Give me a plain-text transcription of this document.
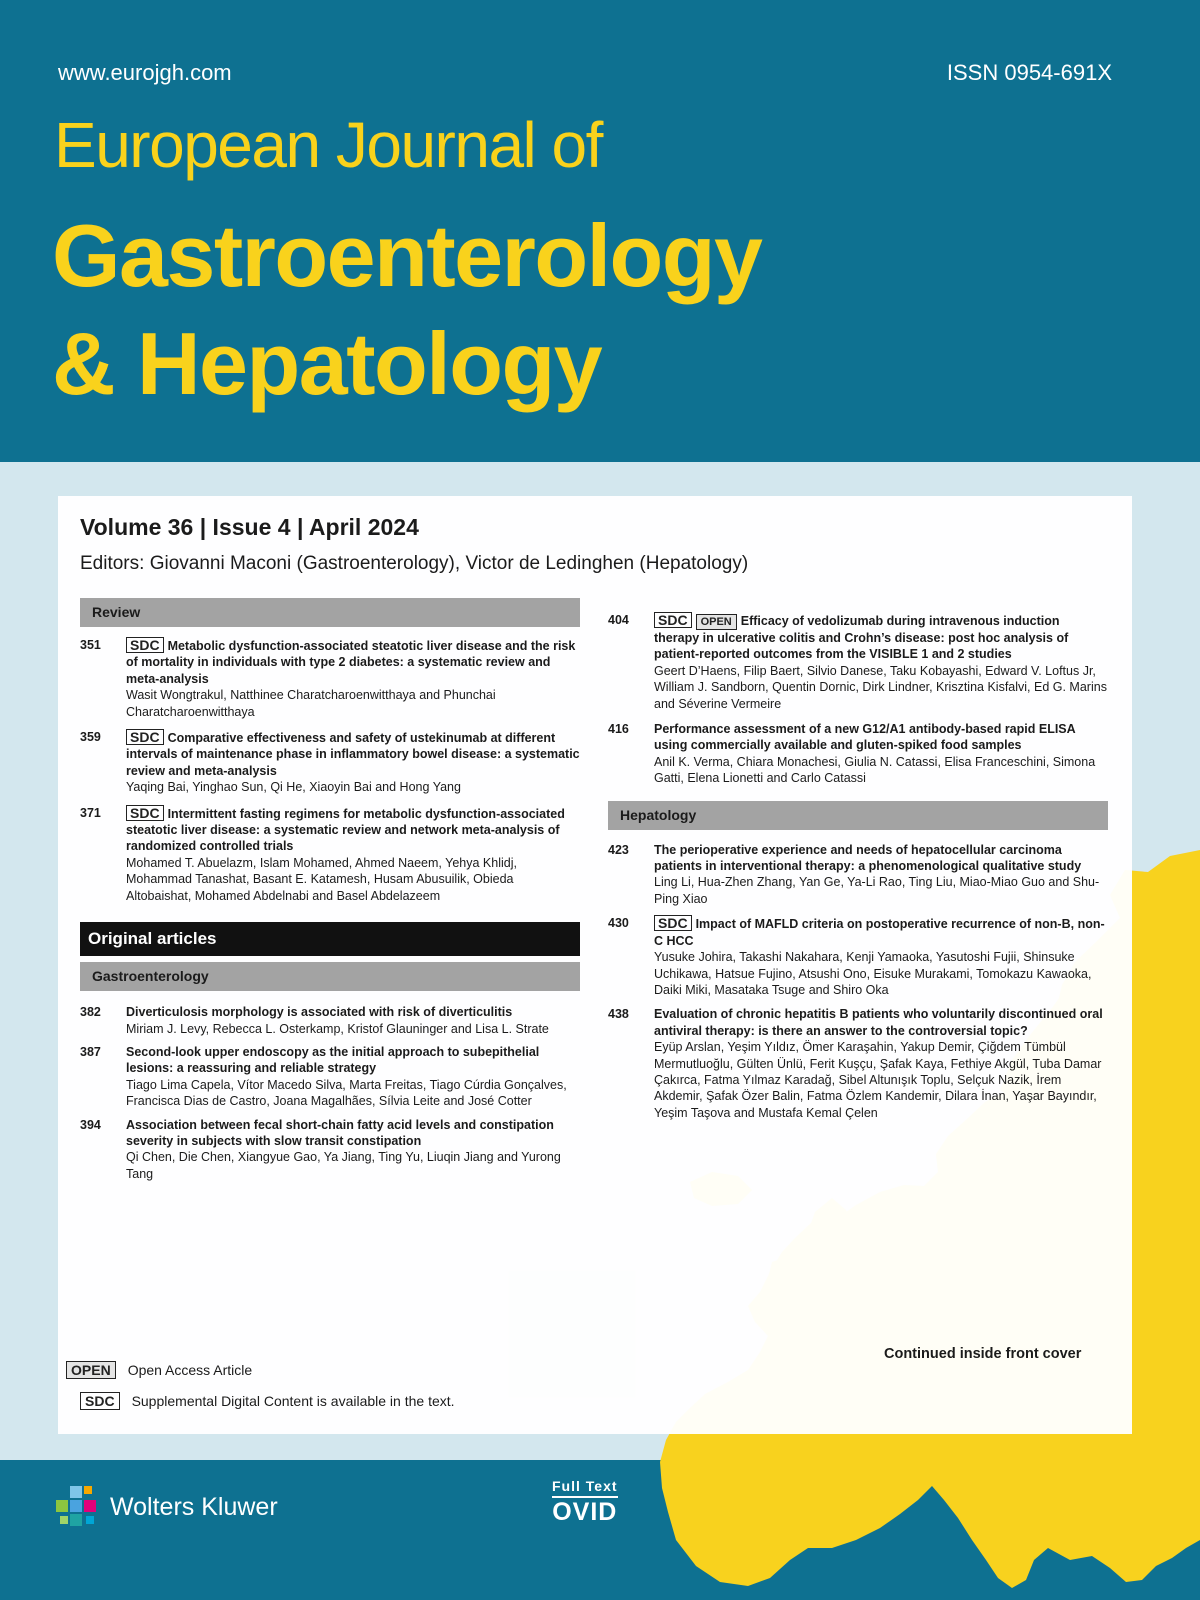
www.eurojgh.com	ISSN 0954-691X
European Journal of
Gastroenterology
& Hepatology
Volume 36 | Issue 4 | April 2024
Editors: Giovanni Maconi (Gastroenterology), Victor de Ledinghen (Hepatology)
Review
351	SDC Metabolic dysfunction-associated steatotic liver disease and the risk of mortality in individuals with type 2 diabetes: a systematic review and meta-analysis
Wasit Wongtrakul, Natthinee Charatcharoenwitthaya and Phunchai Charatcharoenwitthaya
359	SDC Comparative effectiveness and safety of ustekinumab at different intervals of maintenance phase in inflammatory bowel disease: a systematic review and meta-analysis
Yaqing Bai, Yinghao Sun, Qi He, Xiaoyin Bai and Hong Yang
371	SDC Intermittent fasting regimens for metabolic dysfunction-associated steatotic liver disease: a systematic review and network meta-analysis of randomized controlled trials
Mohamed T. Abuelazm, Islam Mohamed, Ahmed Naeem, Yehya Khlidj, Mohammad Tanashat, Basant E. Katamesh, Husam Abusuilik, Obieda Altobaishat, Mohamed Abdelnabi and Basel Abdelazeem
Original articles
Gastroenterology
382	Diverticulosis morphology is associated with risk of diverticulitis
Miriam J. Levy, Rebecca L. Osterkamp, Kristof Glauninger and Lisa L. Strate
387	Second-look upper endoscopy as the initial approach to subepithelial lesions: a reassuring and reliable strategy
Tiago Lima Capela, Vítor Macedo Silva, Marta Freitas, Tiago Cúrdia Gonçalves, Francisca Dias de Castro, Joana Magalhães, Sílvia Leite and José Cotter
394	Association between fecal short-chain fatty acid levels and constipation severity in subjects with slow transit constipation
Qi Chen, Die Chen, Xiangyue Gao, Ya Jiang, Ting Yu, Liuqin Jiang and Yurong Tang
404	SDC OPEN Efficacy of vedolizumab during intravenous induction therapy in ulcerative colitis and Crohn’s disease: post hoc analysis of patient-reported outcomes from the VISIBLE 1 and 2 studies
Geert D’Haens, Filip Baert, Silvio Danese, Taku Kobayashi, Edward V. Loftus Jr, William J. Sandborn, Quentin Dornic, Dirk Lindner, Krisztina Kisfalvi, Ed G. Marins and Séverine Vermeire
416	Performance assessment of a new G12/A1 antibody-based rapid ELISA using commercially available and gluten-spiked food samples
Anil K. Verma, Chiara Monachesi, Giulia N. Catassi, Elisa Franceschini, Simona Gatti, Elena Lionetti and Carlo Catassi
Hepatology
423	The perioperative experience and needs of hepatocellular carcinoma patients in interventional therapy: a phenomenological qualitative study
Ling Li, Hua-Zhen Zhang, Yan Ge, Ya-Li Rao, Ting Liu, Miao-Miao Guo and Shu-Ping Xiao
430	SDC Impact of MAFLD criteria on postoperative recurrence of non-B, non-C HCC
Yusuke Johira, Takashi Nakahara, Kenji Yamaoka, Yasutoshi Fujii, Shinsuke Uchikawa, Hatsue Fujino, Atsushi Ono, Eisuke Murakami, Tomokazu Kawaoka, Daiki Miki, Masataka Tsuge and Shiro Oka
438	Evaluation of chronic hepatitis B patients who voluntarily discontinued oral antiviral therapy: is there an answer to the controversial topic?
Eyüp Arslan, Yeşim Yıldız, Ömer Karaşahin, Yakup Demir, Çiğdem Tümbül Mermutluoğlu, Gülten Ünlü, Ferit Kuşçu, Şafak Kaya, Fethiye Akgül, Tuba Damar Çakırca, Fatma Yılmaz Karadağ, Sibel Altunışık Toplu, Selçuk Nazik, İrem Akdemir, Şafak Özer Balin, Fatma Özlem Kandemir, Dilara İnan, Yaşar Bayındır, Yeşim Taşova and Mustafa Kemal Çelen
OPEN	Open Access Article
SDC	Supplemental Digital Content is available in the text.
Continued inside front cover
Wolters Kluwer
Full Text
OVID
